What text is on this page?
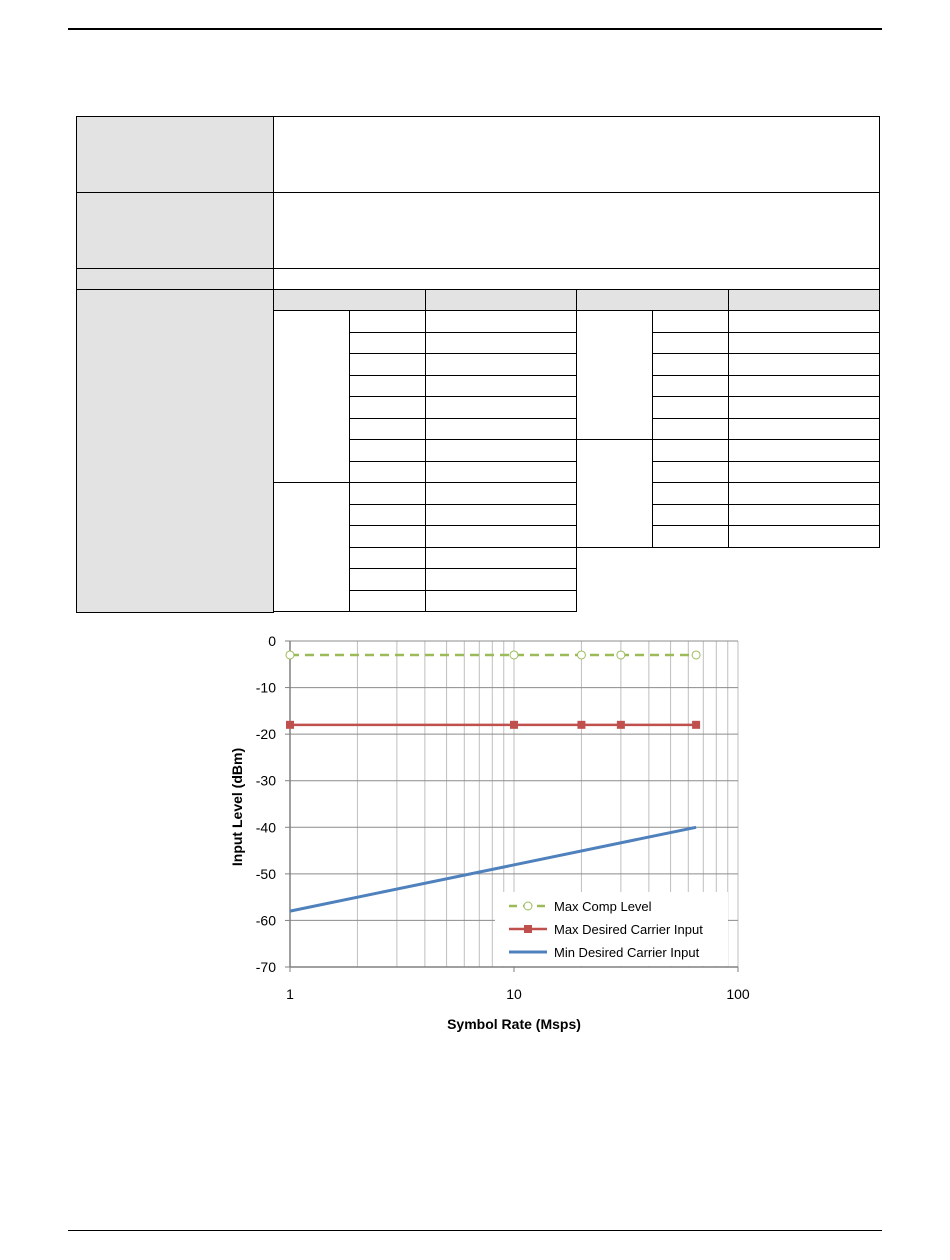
0
-10
-20
-30
-40
-50
-60
-70
1	10	100
Max Comp Level
Max Desired Carrier Input
Min Desired Carrier Input
Input Level (dBm)
Symbol Rate (Msps)
